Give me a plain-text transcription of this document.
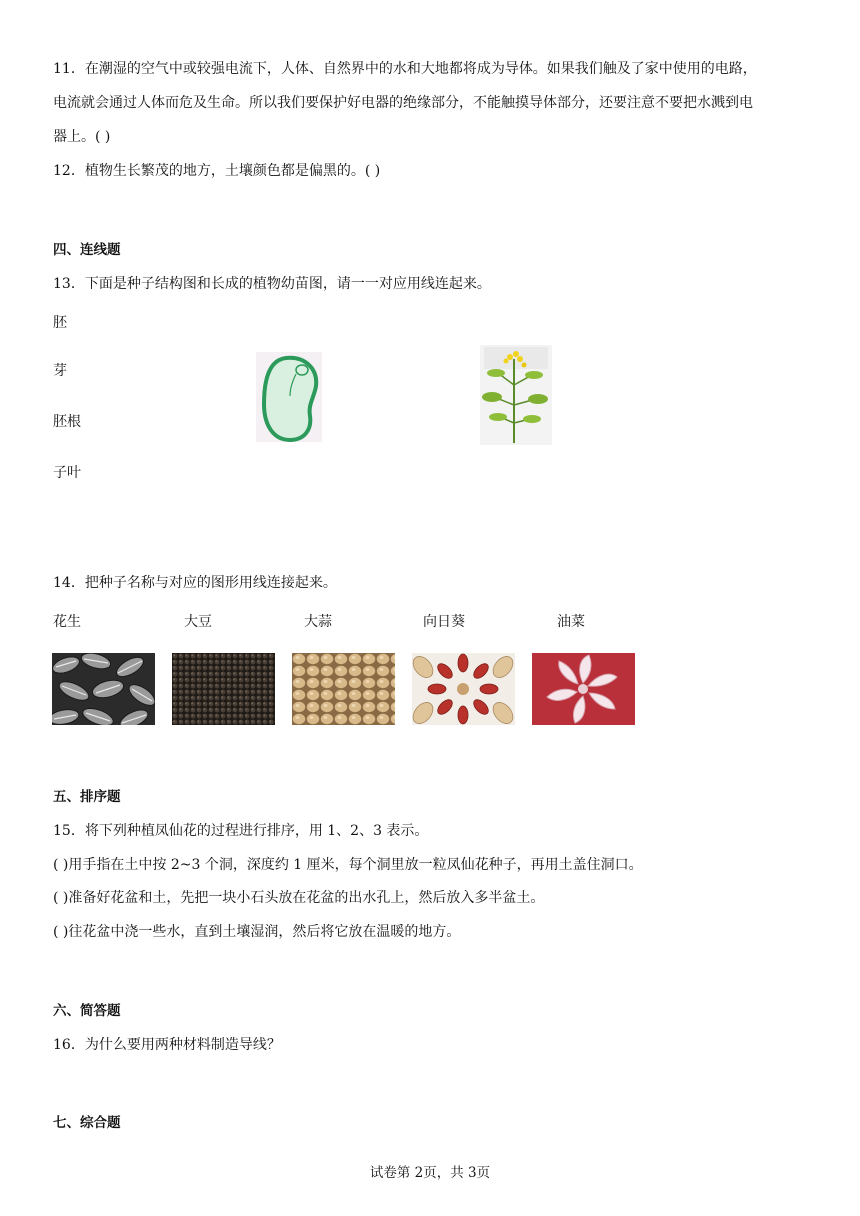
11．在潮湿的空气中或较强电流下，人体、自然界中的水和大地都将成为导体。如果我们触及了家中使用的电路，
电流就会通过人体而危及生命。所以我们要保护好电器的绝缘部分，不能触摸导体部分，还要注意不要把水溅到电
器上。( )
12．植物生长繁茂的地方，土壤颜色都是偏黑的。( )
四、连线题
13．下面是种子结构图和长成的植物幼苗图，请一一对应用线连起来。
胚
芽
胚根
子叶
14．把种子名称与对应的图形用线连接起来。
花生	大豆	大蒜	向日葵	油菜
五、排序题
15．将下列种植凤仙花的过程进行排序，用 1、2、3 表示。
( )用手指在土中按 2~3 个洞，深度约 1 厘米，每个洞里放一粒凤仙花种子，再用土盖住洞口。
( )准备好花盆和土，先把一块小石头放在花盆的出水孔上，然后放入多半盆土。
( )往花盆中浇一些水，直到土壤湿润，然后将它放在温暖的地方。
六、简答题
16．为什么要用两种材料制造导线？
七、综合题
试卷第 2页，共 3页
